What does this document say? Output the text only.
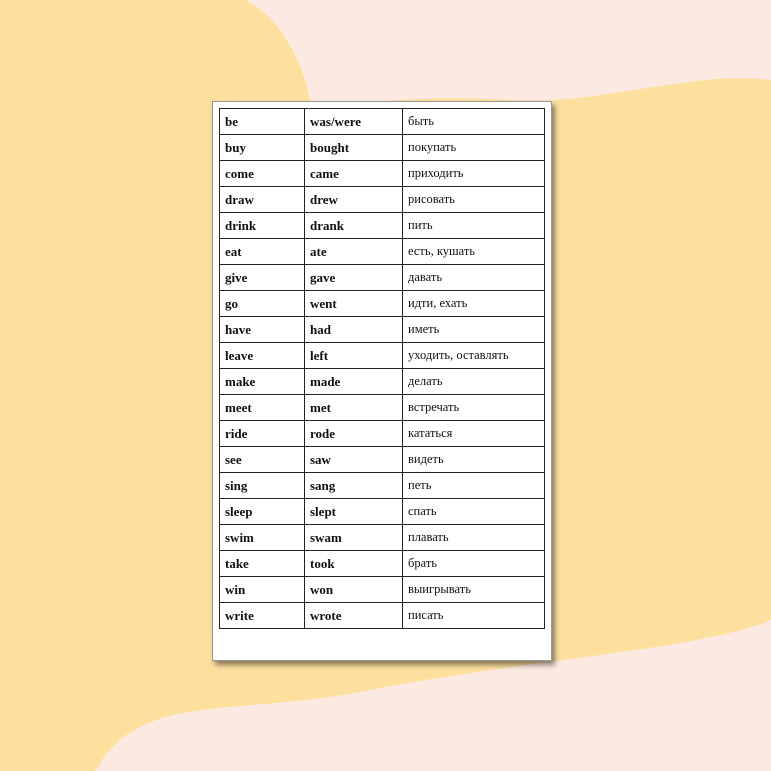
be	was/were	быть
buy	bought	покупать
come	came	приходить
draw	drew	рисовать
drink	drank	пить
eat	ate	есть, кушать
give	gave	давать
go	went	идти, ехать
have	had	иметь
leave	left	уходить, оставлять
make	made	делать
meet	met	встречать
ride	rode	кататься
see	saw	видеть
sing	sang	петь
sleep	slept	спать
swim	swam	плавать
take	took	брать
win	won	выигрывать
write	wrote	писать
